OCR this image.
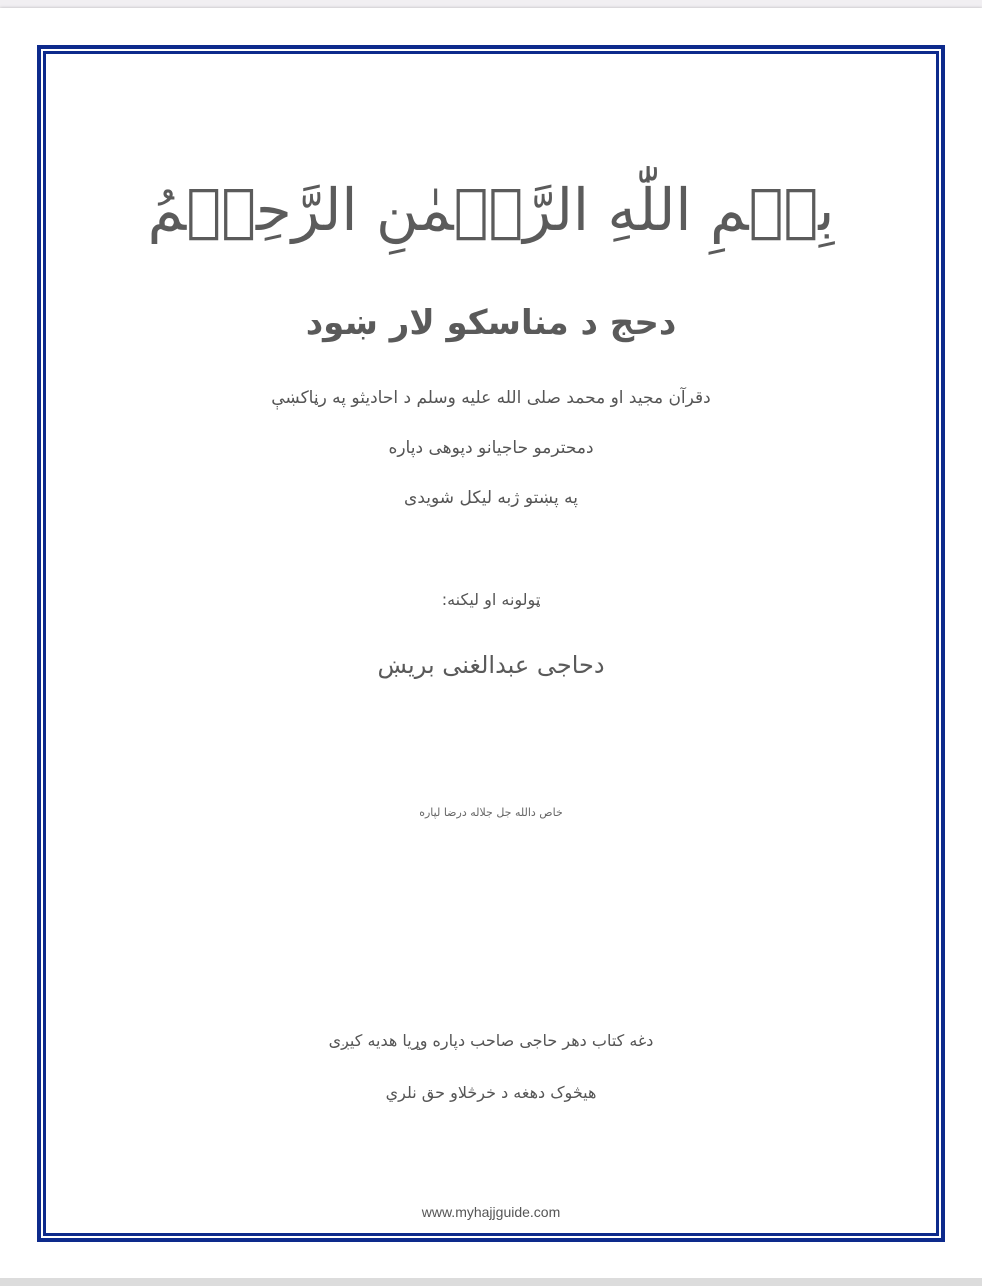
بِسۡمِ اللّٰهِ الرَّحۡمٰنِ الرَّحِيۡمُ
دحج د مناسکو لار ښود
دقرآن مجید او محمد صلی الله علیه وسلم د احادیثو په رڼاکښې
دمحترمو حاجیانو دپوهی دپاره
په پښتو ژبه لیکل شویدی
ټولونه او لیکنه:
دحاجی عبدالغنی بریښ
خاص دالله جل جلاله درضا لپاره
دغه کتاب دهر حاجی صاحب دپاره وړیا هدیه کیږی
هیڅوک دهغه د خرڅلاو حق نلري
www.myhajjguide.com
